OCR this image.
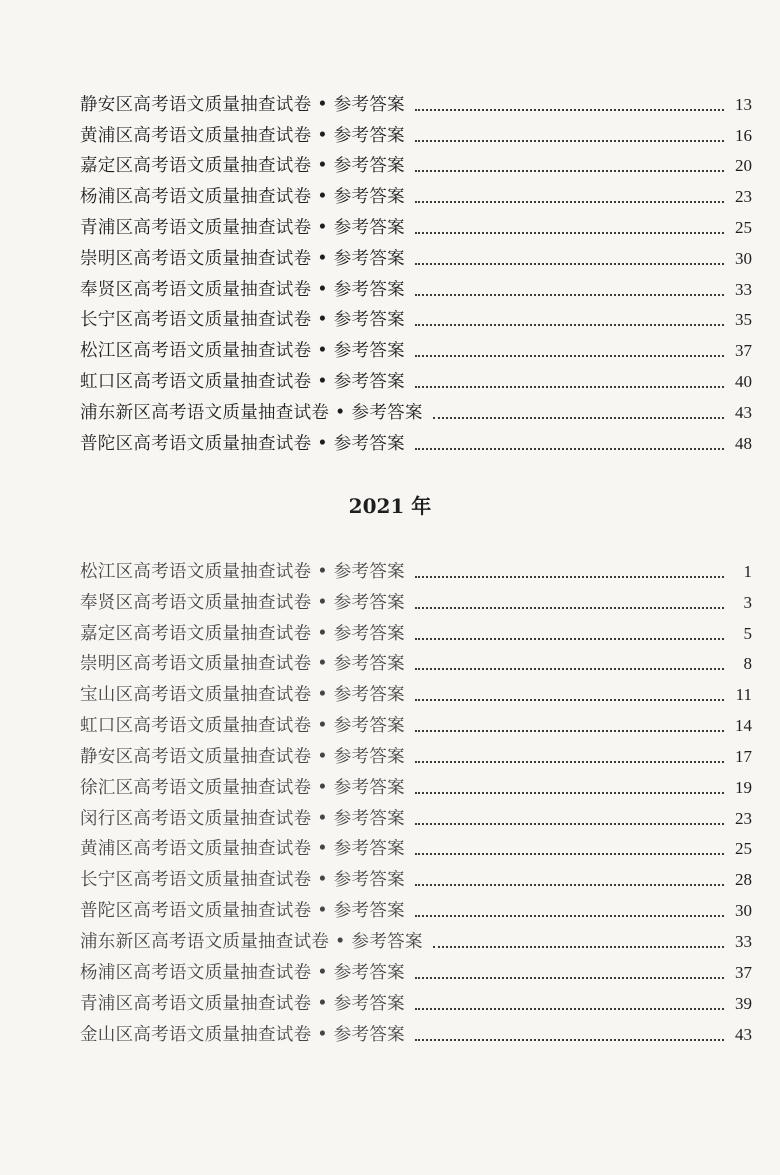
静安区高考语文质量抽查试卷 • 参考答案	13
黄浦区高考语文质量抽查试卷 • 参考答案	16
嘉定区高考语文质量抽查试卷 • 参考答案	20
杨浦区高考语文质量抽查试卷 • 参考答案	23
青浦区高考语文质量抽查试卷 • 参考答案	25
崇明区高考语文质量抽查试卷 • 参考答案	30
奉贤区高考语文质量抽查试卷 • 参考答案	33
长宁区高考语文质量抽查试卷 • 参考答案	35
松江区高考语文质量抽查试卷 • 参考答案	37
虹口区高考语文质量抽查试卷 • 参考答案	40
浦东新区高考语文质量抽查试卷 • 参考答案	43
普陀区高考语文质量抽查试卷 • 参考答案	48
2021 年
松江区高考语文质量抽查试卷 • 参考答案	1
奉贤区高考语文质量抽查试卷 • 参考答案	3
嘉定区高考语文质量抽查试卷 • 参考答案	5
崇明区高考语文质量抽查试卷 • 参考答案	8
宝山区高考语文质量抽查试卷 • 参考答案	11
虹口区高考语文质量抽查试卷 • 参考答案	14
静安区高考语文质量抽查试卷 • 参考答案	17
徐汇区高考语文质量抽查试卷 • 参考答案	19
闵行区高考语文质量抽查试卷 • 参考答案	23
黄浦区高考语文质量抽查试卷 • 参考答案	25
长宁区高考语文质量抽查试卷 • 参考答案	28
普陀区高考语文质量抽查试卷 • 参考答案	30
浦东新区高考语文质量抽查试卷 • 参考答案	33
杨浦区高考语文质量抽查试卷 • 参考答案	37
青浦区高考语文质量抽查试卷 • 参考答案	39
金山区高考语文质量抽查试卷 • 参考答案	43
